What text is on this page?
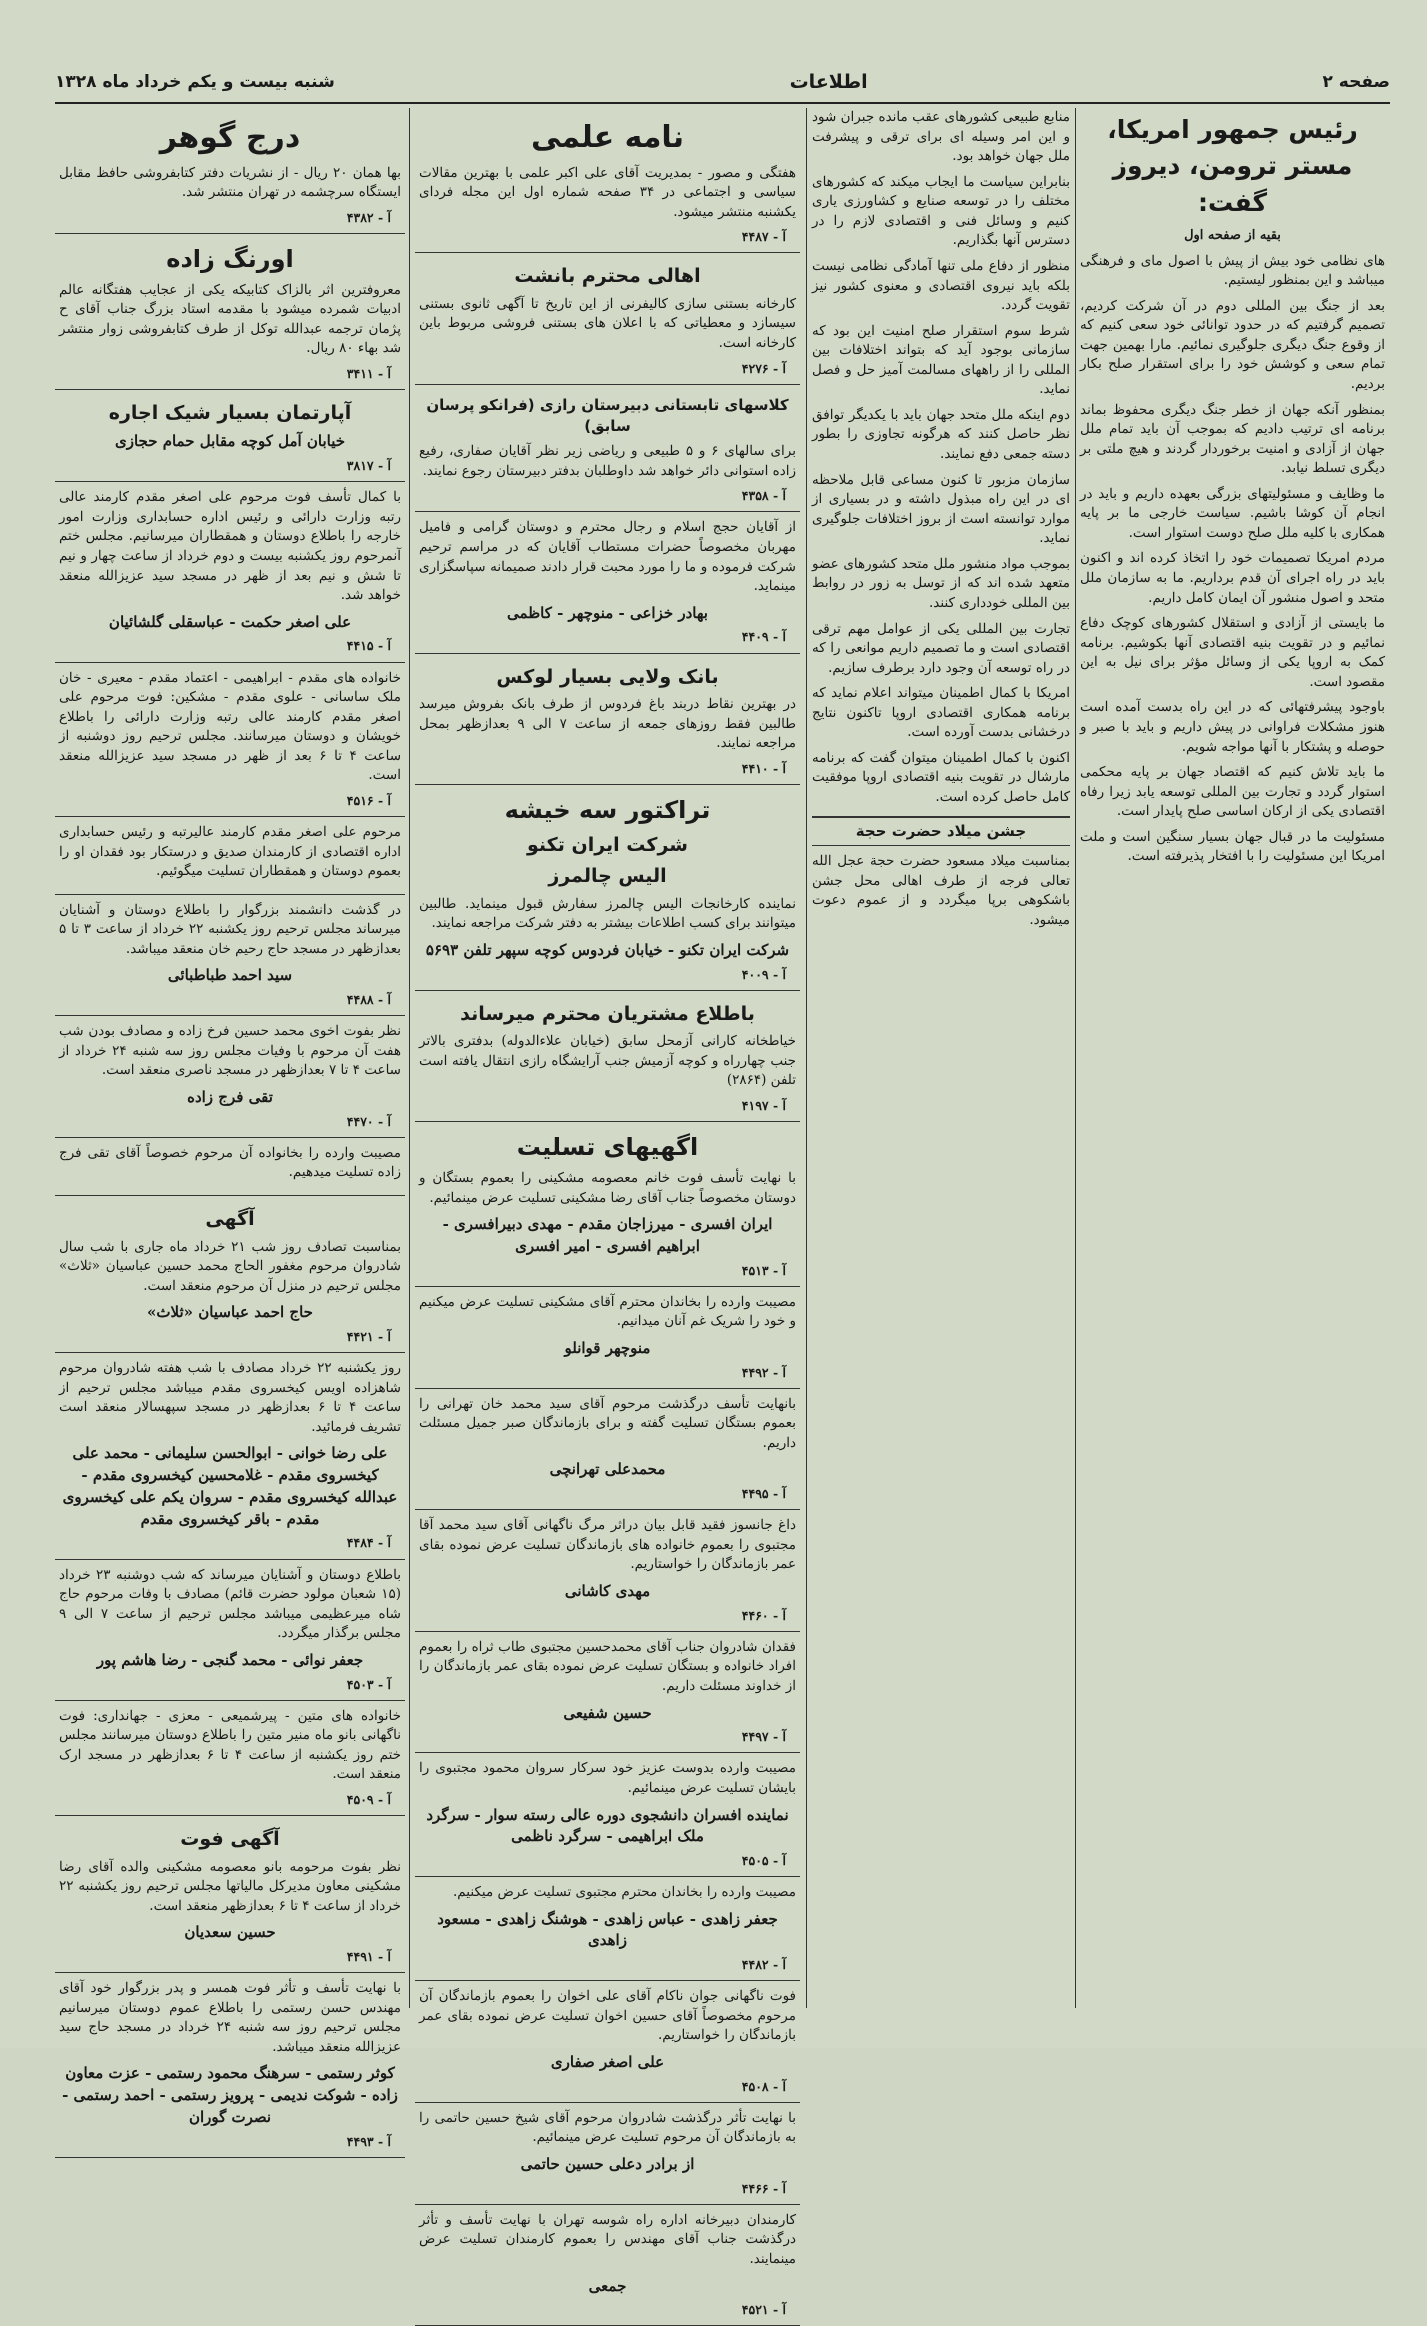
صفحه ۲
اطلاعات
شنبه بیست و یکم خرداد ماه ۱۳۲۸
رئیس جمهور امریکا، مستر ترومن، دیروز گفت:
بقیه از صفحه اول

های نظامی خود بیش از پیش با اصول مای و فرهنگی میباشد و این بمنظور لیستیم.

بعد از جنگ بین المللی دوم در آن شرکت کردیم، تصمیم گرفتیم که در حدود توانائی خود سعی کنیم که از وقوع جنگ دیگری جلوگیری نمائیم. مارا بهمین جهت تمام سعی و کوشش خود را برای استقرار صلح بکار بردیم.

بمنظور آنکه جهان از خطر جنگ دیگری محفوظ بماند برنامه ای ترتیب دادیم که بموجب آن باید تمام ملل جهان از آزادی و امنیت برخوردار گردند و هیچ ملتی بر دیگری تسلط نیابد.

ما وظایف و مسئولیتهای بزرگی بعهده داریم و باید در انجام آن کوشا باشیم. سیاست خارجی ما بر پایه همکاری با کلیه ملل صلح دوست استوار است.

مردم امریکا تصمیمات خود را اتخاذ کرده اند و اکنون باید در راه اجرای آن قدم برداریم. ما به سازمان ملل متحد و اصول منشور آن ایمان کامل داریم.

ما بایستی از آزادی و استقلال کشورهای کوچک دفاع نمائیم و در تقویت بنیه اقتصادی آنها بکوشیم. برنامه کمک به اروپا یکی از وسائل مؤثر برای نیل به این مقصود است.

باوجود پیشرفتهائی که در این راه بدست آمده است هنوز مشکلات فراوانی در پیش داریم و باید با صبر و حوصله و پشتکار با آنها مواجه شویم.

ما باید تلاش کنیم که اقتصاد جهان بر پایه محکمی استوار گردد و تجارت بین المللی توسعه یابد زیرا رفاه اقتصادی یکی از ارکان اساسی صلح پایدار است.

مسئولیت ما در قبال جهان بسیار سنگین است و ملت امریکا این مسئولیت را با افتخار پذیرفته است.

منابع طبیعی کشورهای عقب مانده جبران شود و این امر وسیله ای برای ترقی و پیشرفت ملل جهان خواهد بود.

بنابراین سیاست ما ایجاب میکند که کشورهای مختلف را در توسعه صنایع و کشاورزی یاری کنیم و وسائل فنی و اقتصادی لازم را در دسترس آنها بگذاریم.

منظور از دفاع ملی تنها آمادگی نظامی نیست بلکه باید نیروی اقتصادی و معنوی کشور نیز تقویت گردد.

شرط سوم استقرار صلح امنیت این بود که سازمانی بوجود آید که بتواند اختلافات بین المللی را از راههای مسالمت آمیز حل و فصل نماید.

دوم اینکه ملل متحد جهان باید با یکدیگر توافق نظر حاصل کنند که هرگونه تجاوزی را بطور دسته جمعی دفع نمایند.

سازمان مزبور تا کنون مساعی قابل ملاحظه ای در این راه مبذول داشته و در بسیاری از موارد توانسته است از بروز اختلافات جلوگیری نماید.

بموجب مواد منشور ملل متحد کشورهای عضو متعهد شده اند که از توسل به زور در روابط بین المللی خودداری کنند.

تجارت بین المللی یکی از عوامل مهم ترقی اقتصادی است و ما تصمیم داریم موانعی را که در راه توسعه آن وجود دارد برطرف سازیم.

امریکا با کمال اطمینان میتواند اعلام نماید که برنامه همکاری اقتصادی اروپا تاکنون نتایج درخشانی بدست آورده است.

اکنون با کمال اطمینان میتوان گفت که برنامه مارشال در تقویت بنیه اقتصادی اروپا موفقیت کامل حاصل کرده است.

جشن میلاد حضرت حجة

بمناسبت میلاد مسعود حضرت حجة عجل الله تعالی فرجه از طرف اهالی محل جشن باشکوهی برپا میگردد و از عموم دعوت میشود.

نامه علمی

هفتگی و مصور - بمدیریت آقای علی اکبر علمی با بهترین مقالات سیاسی و اجتماعی در ۳۴ صفحه شماره اول این مجله فردای یکشنبه منتشر میشود.

آ - ۴۴۸۷
اهالی محترم بانشت

کارخانه بستنی سازی کالیفرنی از این تاریخ تا آگهی ثانوی بستنی سیسازد و معطیاتی که با اعلان های بستنی فروشی مربوط باین کارخانه است.

آ - ۴۲۷۶
کلاسهای تابستانی دبیرستان رازی (فرانکو پرسان سابق)

برای سالهای ۶ و ۵ طبیعی و ریاضی زیر نظر آقایان صفاری، رفیع زاده استوانی دائر خواهد شد داوطلبان بدفتر دبیرستان رجوع نمایند.

آ - ۴۳۵۸

از آقایان حجج اسلام و رجال محترم و دوستان گرامی و فامیل مهربان مخصوصاً حضرات مستطاب آقایان که در مراسم ترحیم شرکت فرموده و ما را مورد محبت قرار دادند صمیمانه سپاسگزاری مینماید.

بهادر خزاعی - منوچهر - کاظمی
آ - ۴۴۰۹
بانک ولایی بسیار لوکس

در بهترین نقاط دربند باغ فردوس از طرف بانک بفروش میرسد طالبین فقط روزهای جمعه از ساعت ۷ الی ۹ بعدازظهر بمحل مراجعه نمایند.

آ - ۴۴۱۰
تراکتور سه خیشه
شرکت ایران تکنو
الیس چالمرز

نماینده کارخانجات الیس چالمرز سفارش قبول مینماید. طالبین میتوانند برای کسب اطلاعات بیشتر به دفتر شرکت مراجعه نمایند.

شرکت ایران تکنو - خیابان فردوس کوچه سپهر تلفن ۵۶۹۳
آ - ۴۰۰۹
باطلاع مشتریان محترم میرساند

خیاطخانه کارانی آزمحل سابق (خیابان علاءالدوله) بدفتری بالاتر جنب چهارراه و کوچه آزمیش جنب آرایشگاه رازی انتقال یافته است تلفن (۲۸۶۴)

آ - ۴۱۹۷
اگهیهای تسلیت

با نهایت تأسف فوت خانم معصومه مشکینی را بعموم بستگان و دوستان مخصوصاً جناب آقای رضا مشکینی تسلیت عرض مینمائیم.

ایران افسری - میرزاجان مقدم - مهدی دبیرافسری - ابراهیم افسری - امیر افسری
آ - ۴۵۱۳

مصیبت وارده را بخاندان محترم آقای مشکینی تسلیت عرض میکنیم و خود را شریک غم آنان میدانیم.

منوچهر قوانلو
آ - ۴۴۹۲

بانهایت تأسف درگذشت مرحوم آقای سید محمد خان تهرانی را بعموم بستگان تسلیت گفته و برای بازماندگان صبر جمیل مسئلت داریم.

محمدعلی تهرانچی
آ - ۴۴۹۵

داغ جانسوز فقید قابل بیان دراثر مرگ ناگهانی آقای سید محمد آقا مجتبوی را بعموم خانواده های بازماندگان تسلیت عرض نموده بقای عمر بازماندگان را خواستاریم.

مهدی کاشانی
آ - ۴۴۶۰

فقدان شادروان جناب آقای محمدحسین مجتبوی طاب ثراه را بعموم افراد خانواده و بستگان تسلیت عرض نموده بقای عمر بازماندگان را از خداوند مسئلت داریم.

حسین شفیعی
آ - ۴۴۹۷

مصیبت وارده بدوست عزیز خود سرکار سروان محمود مجتبوی را بایشان تسلیت عرض مینمائیم.

نماینده افسران دانشجوی دوره عالی رسته سوار - سرگرد ملک ابراهیمی - سرگرد ناظمی
آ - ۴۵۰۵

مصیبت وارده را بخاندان محترم مجتبوی تسلیت عرض میکنیم.

جعفر زاهدی - عباس زاهدی - هوشنگ زاهدی - مسعود زاهدی
آ - ۴۴۸۲

فوت ناگهانی جوان ناکام آقای علی اخوان را بعموم بازماندگان آن مرحوم مخصوصاً آقای حسین اخوان تسلیت عرض نموده بقای عمر بازماندگان را خواستاریم.

علی اصغر صفاری
آ - ۴۵۰۸

با نهایت تأثر درگذشت شادروان مرحوم آقای شیخ حسین حاتمی را به بازماندگان آن مرحوم تسلیت عرض مینمائیم.

از برادر دعلی حسین حاتمی
آ - ۴۴۶۶

کارمندان دبیرخانه اداره راه شوسه تهران با نهایت تأسف و تأثر درگذشت جناب آقای مهندس را بعموم کارمندان تسلیت عرض مینمایند.

جمعی
آ - ۴۵۲۱
درج گوهر

بها همان ۲۰ ریال - از نشریات دفتر کتابفروشی حافظ مقابل ایستگاه سرچشمه در تهران منتشر شد.

آ - ۴۳۸۲
اورنگ زاده

معروفترین اثر بالزاک کتابیکه یکی از عجایب هفتگانه عالم ادبیات شمرده میشود با مقدمه استاد بزرگ جناب آقای ح پژمان ترجمه عبدالله توکل از طرف کتابفروشی زوار منتشر شد بهاء ۸۰ ریال.

آ - ۳۴۱۱
آپارتمان بسیار شیک اجاره
خیابان آمل کوچه مقابل حمام حجازی
آ - ۳۸۱۷

با کمال تأسف فوت مرحوم علی اصغر مقدم کارمند عالی رتبه وزارت دارائی و رئیس اداره حسابداری وزارت امور خارجه را باطلاع دوستان و همقطاران میرسانیم. مجلس ختم آنمرحوم روز یکشنبه بیست و دوم خرداد از ساعت چهار و نیم تا شش و نیم بعد از ظهر در مسجد سید عزیزالله منعقد خواهد شد.

علی اصغر حکمت - عباسقلی گلشائیان
آ - ۴۴۱۵

خانواده های مقدم - ابراهیمی - اعتماد مقدم - معیری - خان ملک ساسانی - علوی مقدم - مشکین: فوت مرحوم علی اصغر مقدم کارمند عالی رتبه وزارت دارائی را باطلاع خویشان و دوستان میرسانند. مجلس ترحیم روز دوشنبه از ساعت ۴ تا ۶ بعد از ظهر در مسجد سید عزیزالله منعقد است.

آ - ۴۵۱۶

مرحوم علی اصغر مقدم کارمند عالیرتبه و رئیس حسابداری اداره اقتصادی از کارمندان صدیق و درستکار بود فقدان او را بعموم دوستان و همقطاران تسلیت میگوئیم.

در گذشت دانشمند بزرگوار را باطلاع دوستان و آشنایان میرساند مجلس ترحیم روز یکشنبه ۲۲ خرداد از ساعت ۳ تا ۵ بعدازظهر در مسجد حاج رحیم خان منعقد میباشد.

سید احمد طباطبائی
آ - ۴۴۸۸

نظر بفوت اخوی محمد حسین فرخ زاده و مصادف بودن شب هفت آن مرحوم با وفیات مجلس روز سه شنبه ۲۴ خرداد از ساعت ۴ تا ۷ بعدازظهر در مسجد ناصری منعقد است.

تقی فرج زاده
آ - ۴۴۷۰

مصیبت وارده را بخانواده آن مرحوم خصوصاً آقای تقی فرج زاده تسلیت میدهیم.

آگهی

بمناسبت تصادف روز شب ۲۱ خرداد ماه جاری با شب سال شادروان مرحوم مغفور الحاج محمد حسین عباسیان «ثلاث» مجلس ترحیم در منزل آن مرحوم منعقد است.

حاج احمد عباسیان «ثلاث»
آ - ۴۴۲۱

روز یکشنبه ۲۲ خرداد مصادف با شب هفته شادروان مرحوم شاهزاده اویس کیخسروی مقدم میباشد مجلس ترحیم از ساعت ۴ تا ۶ بعدازظهر در مسجد سپهسالار منعقد است تشریف فرمائید.

علی رضا خوانی - ابوالحسن سلیمانی - محمد علی کیخسروی مقدم - غلامحسین کیخسروی مقدم - عبدالله کیخسروی مقدم - سروان یکم علی کیخسروی مقدم - باقر کیخسروی مقدم
آ - ۴۴۸۴

باطلاع دوستان و آشنایان میرساند که شب دوشنبه ۲۳ خرداد (۱۵ شعبان مولود حضرت قائم) مصادف با وفات مرحوم حاج شاه میرعظیمی میباشد مجلس ترحیم از ساعت ۷ الی ۹ مجلس برگذار میگردد.

جعفر نوائی - محمد گنجی - رضا هاشم پور
آ - ۴۵۰۳

خانواده های متین - پیرشمیعی - معزی - جهانداری: فوت ناگهانی بانو ماه منیر متین را باطلاع دوستان میرسانند مجلس ختم روز یکشنبه از ساعت ۴ تا ۶ بعدازظهر در مسجد ارک منعقد است.

آ - ۴۵۰۹
آگهی فوت

نظر بفوت مرحومه بانو معصومه مشکینی والده آقای رضا مشکینی معاون مدیرکل مالیاتها مجلس ترحیم روز یکشنبه ۲۲ خرداد از ساعت ۴ تا ۶ بعدازظهر منعقد است.

حسین سعدیان
آ - ۴۴۹۱

با نهایت تأسف و تأثر فوت همسر و پدر بزرگوار خود آقای مهندس حسن رستمی را باطلاع عموم دوستان میرسانیم مجلس ترحیم روز سه شنبه ۲۴ خرداد در مسجد حاج سید عزیزالله منعقد میباشد.

کوثر رستمی - سرهنگ محمود رستمی - عزت معاون زاده - شوکت ندیمی - پرویز رستمی - احمد رستمی - نصرت گوران
آ - ۴۴۹۳
